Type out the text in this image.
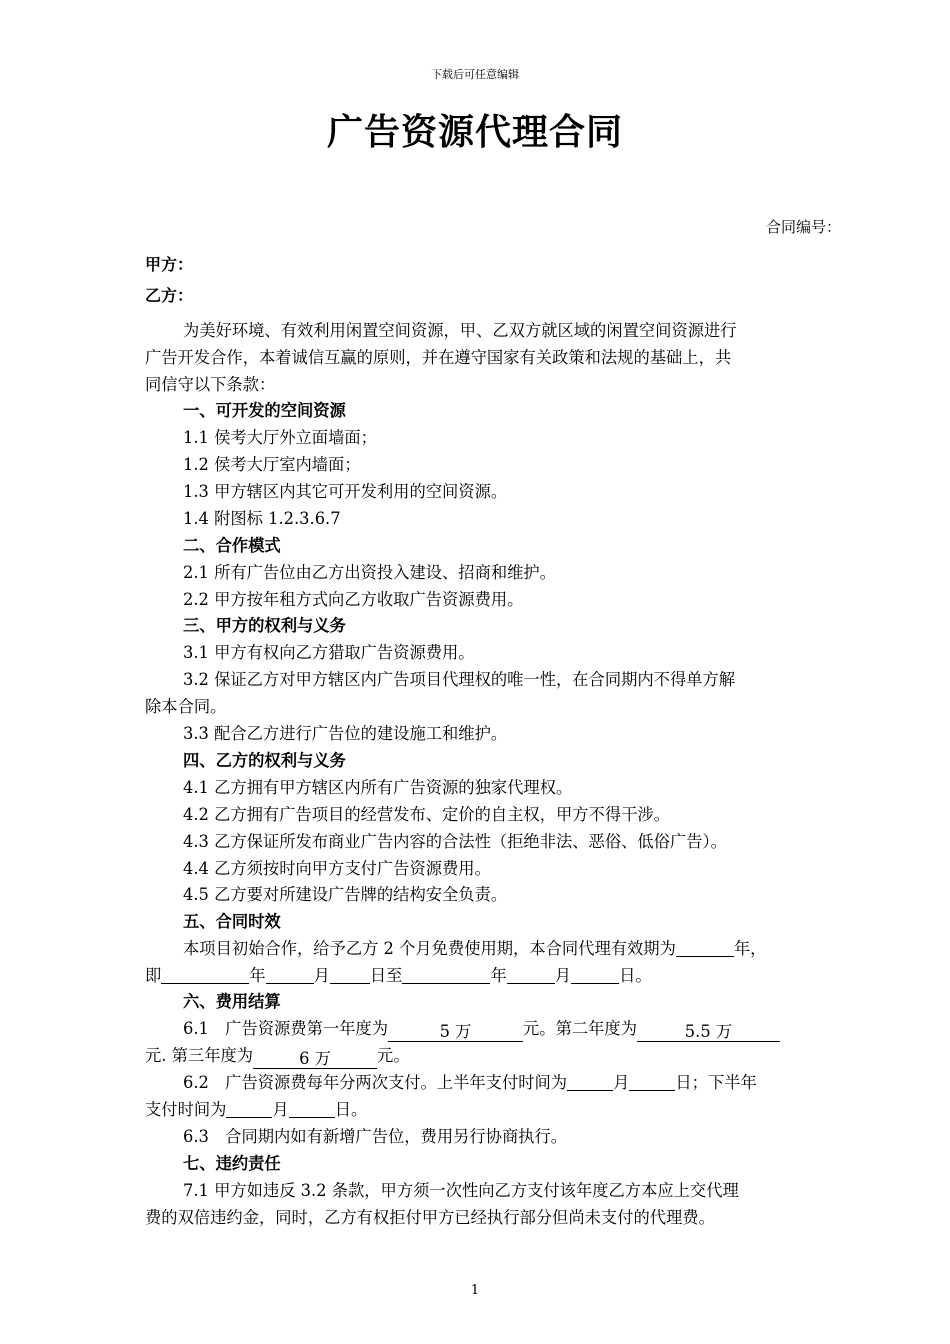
下载后可任意编辑
广告资源代理合同
合同编号：
甲方：
乙方：
为美好环境、有效利用闲置空间资源，甲、乙双方就区域的闲置空间资源进行
广告开发合作，本着诚信互赢的原则，并在遵守国家有关政策和法规的基础上，共
同信守以下条款：
一、可开发的空间资源
1.1 侯考大厅外立面墙面；
1.2 侯考大厅室内墙面；
1.3 甲方辖区内其它可开发利用的空间资源。
1.4 附图标 1.2.3.6.7
二、合作模式
2.1 所有广告位由乙方出资投入建设、招商和维护。
2.2 甲方按年租方式向乙方收取广告资源费用。
三、甲方的权利与义务
3.1 甲方有权向乙方猎取广告资源费用。
3.2 保证乙方对甲方辖区内广告项目代理权的唯一性，在合同期内不得单方解
除本合同。
3.3 配合乙方进行广告位的建设施工和维护。
四、乙方的权利与义务
4.1 乙方拥有甲方辖区内所有广告资源的独家代理权。
4.2 乙方拥有广告项目的经营发布、定价的自主权，甲方不得干涉。
4.3 乙方保证所发布商业广告内容的合法性（拒绝非法、恶俗、低俗广告）。
4.4 乙方须按时向甲方支付广告资源费用。
4.5 乙方要对所建设广告牌的结构安全负责。
五、合同时效
本项目初始合作，给予乙方 2 个月免费使用期，本合同代理有效期为	年，
即	年	月 日至	年	月	日。
六、费用结算
6.1　广告资源费第一年度为	5 万	元。第二年度为	5.5 万
元. 第三年度为	6 万	元。
6.2　广告资源费每年分两次支付。上半年支付时间为	月	日；下半年
支付时间为	月	日。
6.3　合同期内如有新增广告位，费用另行协商执行。
七、违约责任
7.1 甲方如违反 3.2 条款，甲方须一次性向乙方支付该年度乙方本应上交代理
费的双倍违约金，同时，乙方有权拒付甲方已经执行部分但尚未支付的代理费。
1
